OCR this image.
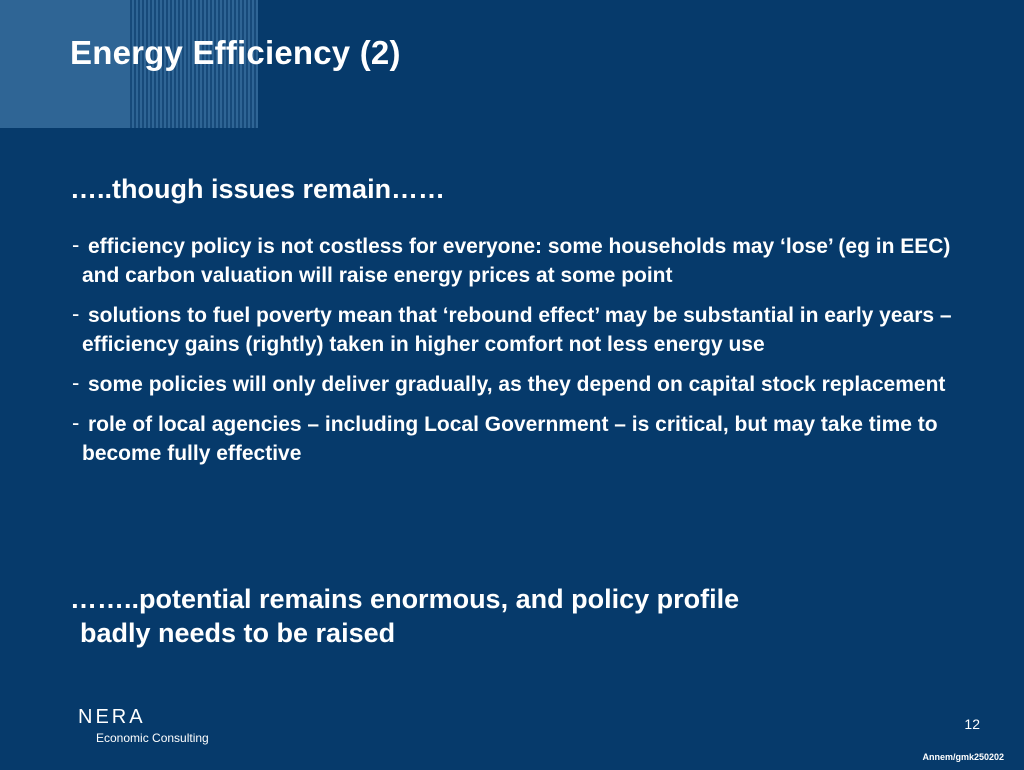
Energy Efficiency (2)

…..though issues remain……

- efficiency policy is not costless for everyone: some households may ‘lose’ (eg in EEC) and carbon valuation will raise energy prices at some point
- solutions to fuel poverty mean that ‘rebound effect’ may be substantial in early years – efficiency gains (rightly) taken in higher comfort not less energy use
- some policies will only deliver gradually, as they depend on capital stock replacement
- role of local agencies – including Local Government – is critical, but may take time to become fully effective

……..potential remains enormous, and policy profile
badly needs to be raised

NERA
Economic Consulting
12
Annem/gmk250202
